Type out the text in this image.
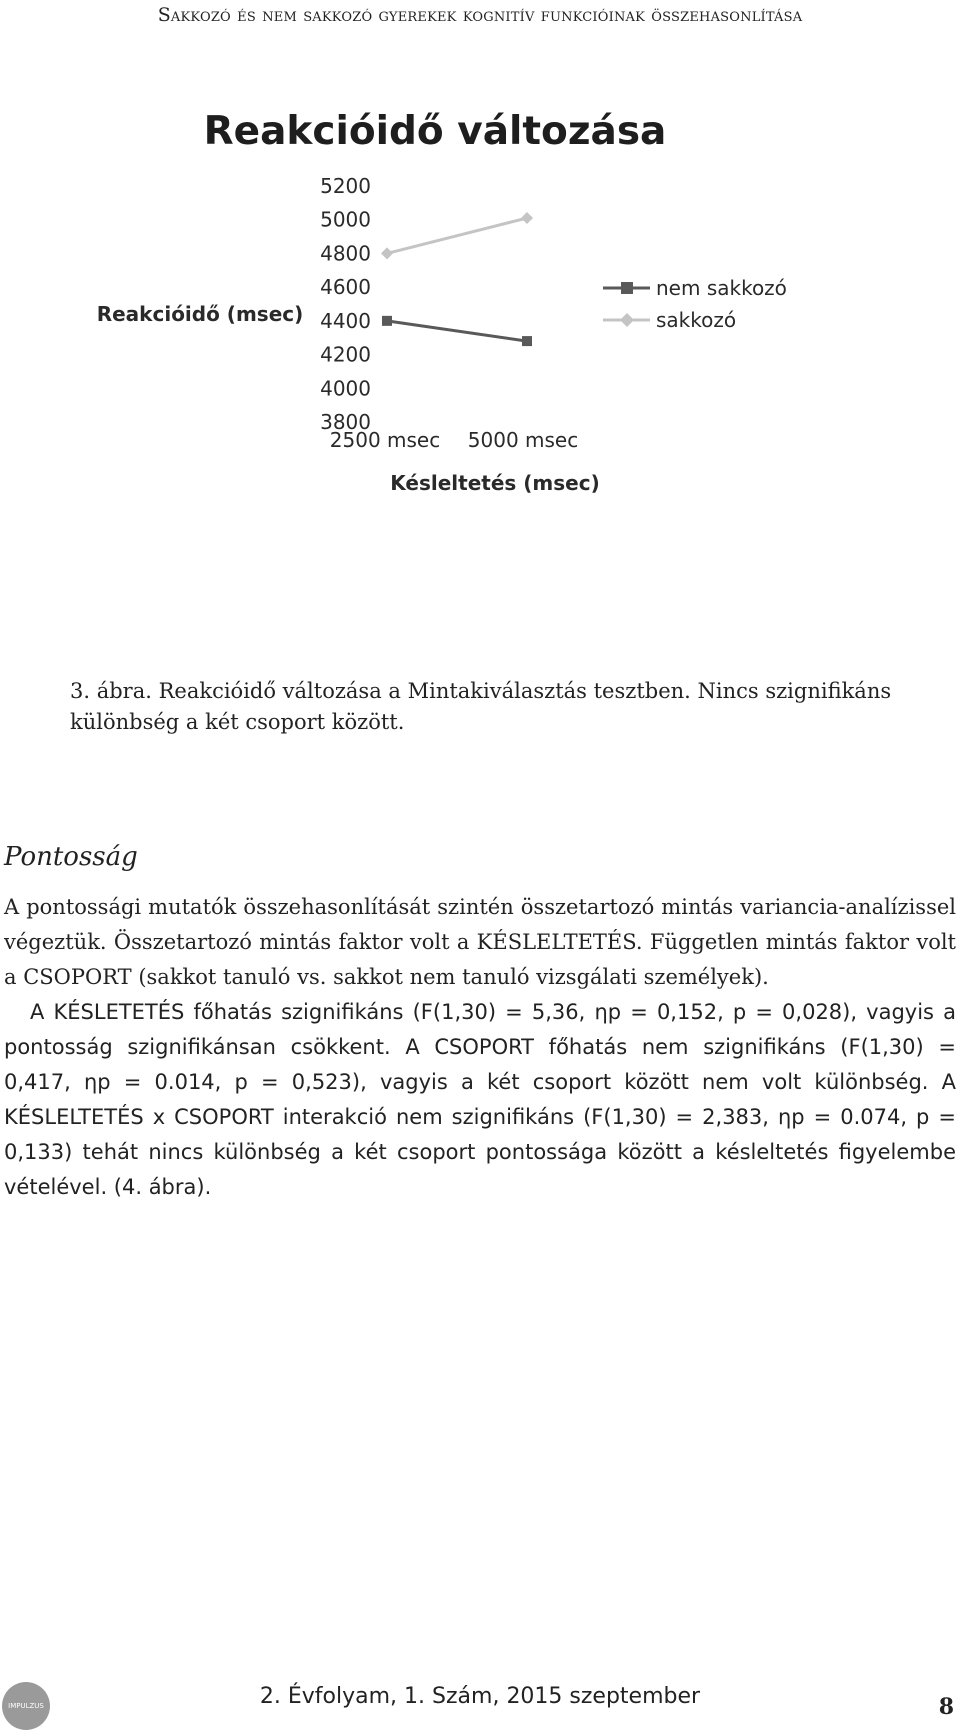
Sakkozó és nem sakkozó gyerekek kognitív funkcióinak összehasonlítása
Reakcióidő változása
Reakcióidő (msec)
Késleltetés (msec)
5200
5000
4800
4600
4400
4200
4000
3800
2500 msec 5000 msec
nem sakkozó
sakkozó
3. ábra. Reakcióidő változása a Mintakiválasztás tesztben. Nincs szignifikáns különbség a két csoport között.
Pontosság

A pontossági mutatók összehasonlítását szintén összetartozó mintás variancia-analízissel végeztük. Összetartozó mintás faktor volt a KÉSLELTETÉS. Független mintás faktor volt a CSOPORT (sakkot tanuló vs. sakkot nem tanuló vizsgálati személyek).

A KÉSLETETÉS főhatás szignifikáns (F(1,30) = 5,36, ηp = 0,152, p = 0,028), vagyis a pontosság szignifikánsan csökkent. A CSOPORT főhatás nem szignifikáns (F(1,30) = 0,417, ηp = 0.014, p = 0,523), vagyis a két csoport között nem volt különbség. A KÉSLELTETÉS x CSOPORT interakció nem szignifikáns (F(1,30) = 2,383, ηp = 0.074, p = 0,133) tehát nincs különbség a két csoport pontossága között a késleltetés figyelembe vételével. (4. ábra).

IMPULZUS	2. Évfolyam, 1. Szám, 2015 szeptember	8
